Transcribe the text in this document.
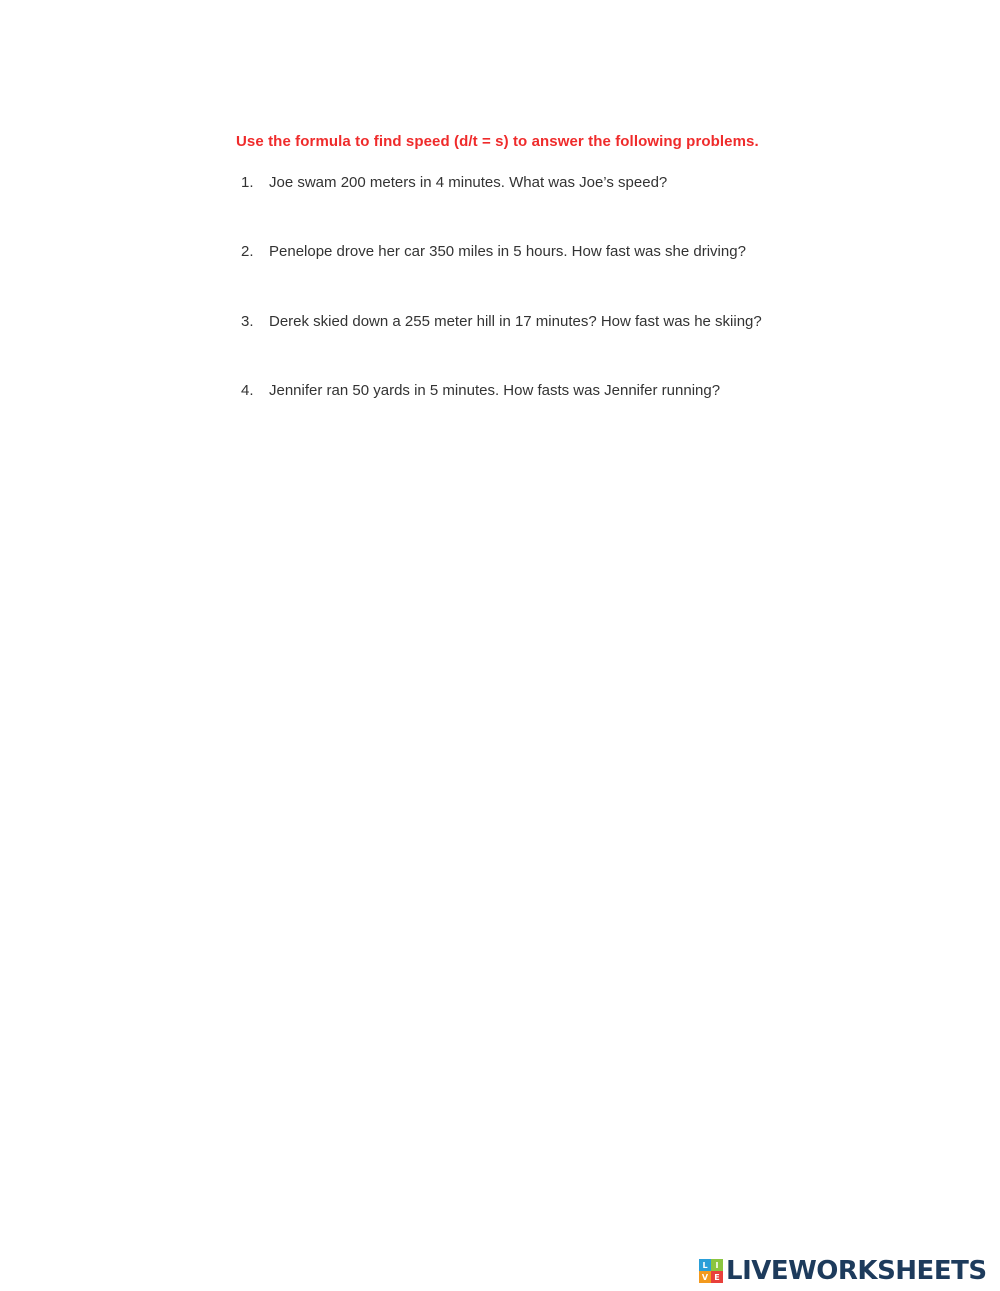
Use the formula to find speed (d/t = s) to answer the following problems.
1. Joe swam 200 meters in 4 minutes. What was Joe’s speed?
2. Penelope drove her car 350 miles in 5 hours. How fast was she driving?
3. Derek skied down a 255 meter hill in 17 minutes? How fast was he skiing?
4. Jennifer ran 50 yards in 5 minutes. How fasts was Jennifer running?
L I
V E LIVEWORKSHEETS
